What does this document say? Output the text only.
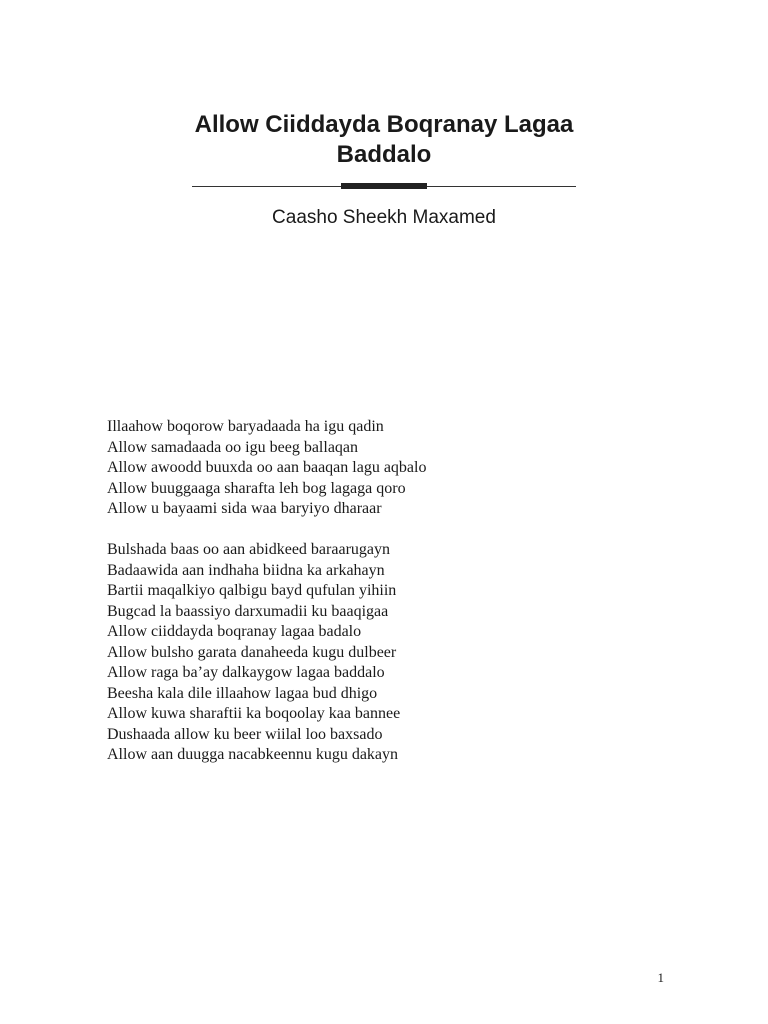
Allow Ciiddayda Boqranay Lagaa
Baddalo

Caasho Sheekh Maxamed

Illaahow boqorow baryadaada ha igu qadin
Allow samadaada oo igu beeg ballaqan
Allow awoodd buuxda oo aan baaqan lagu aqbalo
Allow buuggaaga sharafta leh bog lagaga qoro
Allow u bayaami sida waa baryiyo dharaar
Bulshada baas oo aan abidkeed baraarugayn
Badaawida aan indhaha biidna ka arkahayn
Bartii maqalkiyo qalbigu bayd qufulan yihiin
Bugcad la baassiyo darxumadii ku baaqigaa
Allow ciiddayda boqranay lagaa badalo
Allow bulsho garata danaheeda kugu dulbeer
Allow raga ba’ay dalkaygow lagaa baddalo
Beesha kala dile illaahow lagaa bud dhigo
Allow kuwa sharaftii ka boqoolay kaa bannee
Dushaada allow ku beer wiilal loo baxsado
Allow aan duugga nacabkeennu kugu dakayn
1
